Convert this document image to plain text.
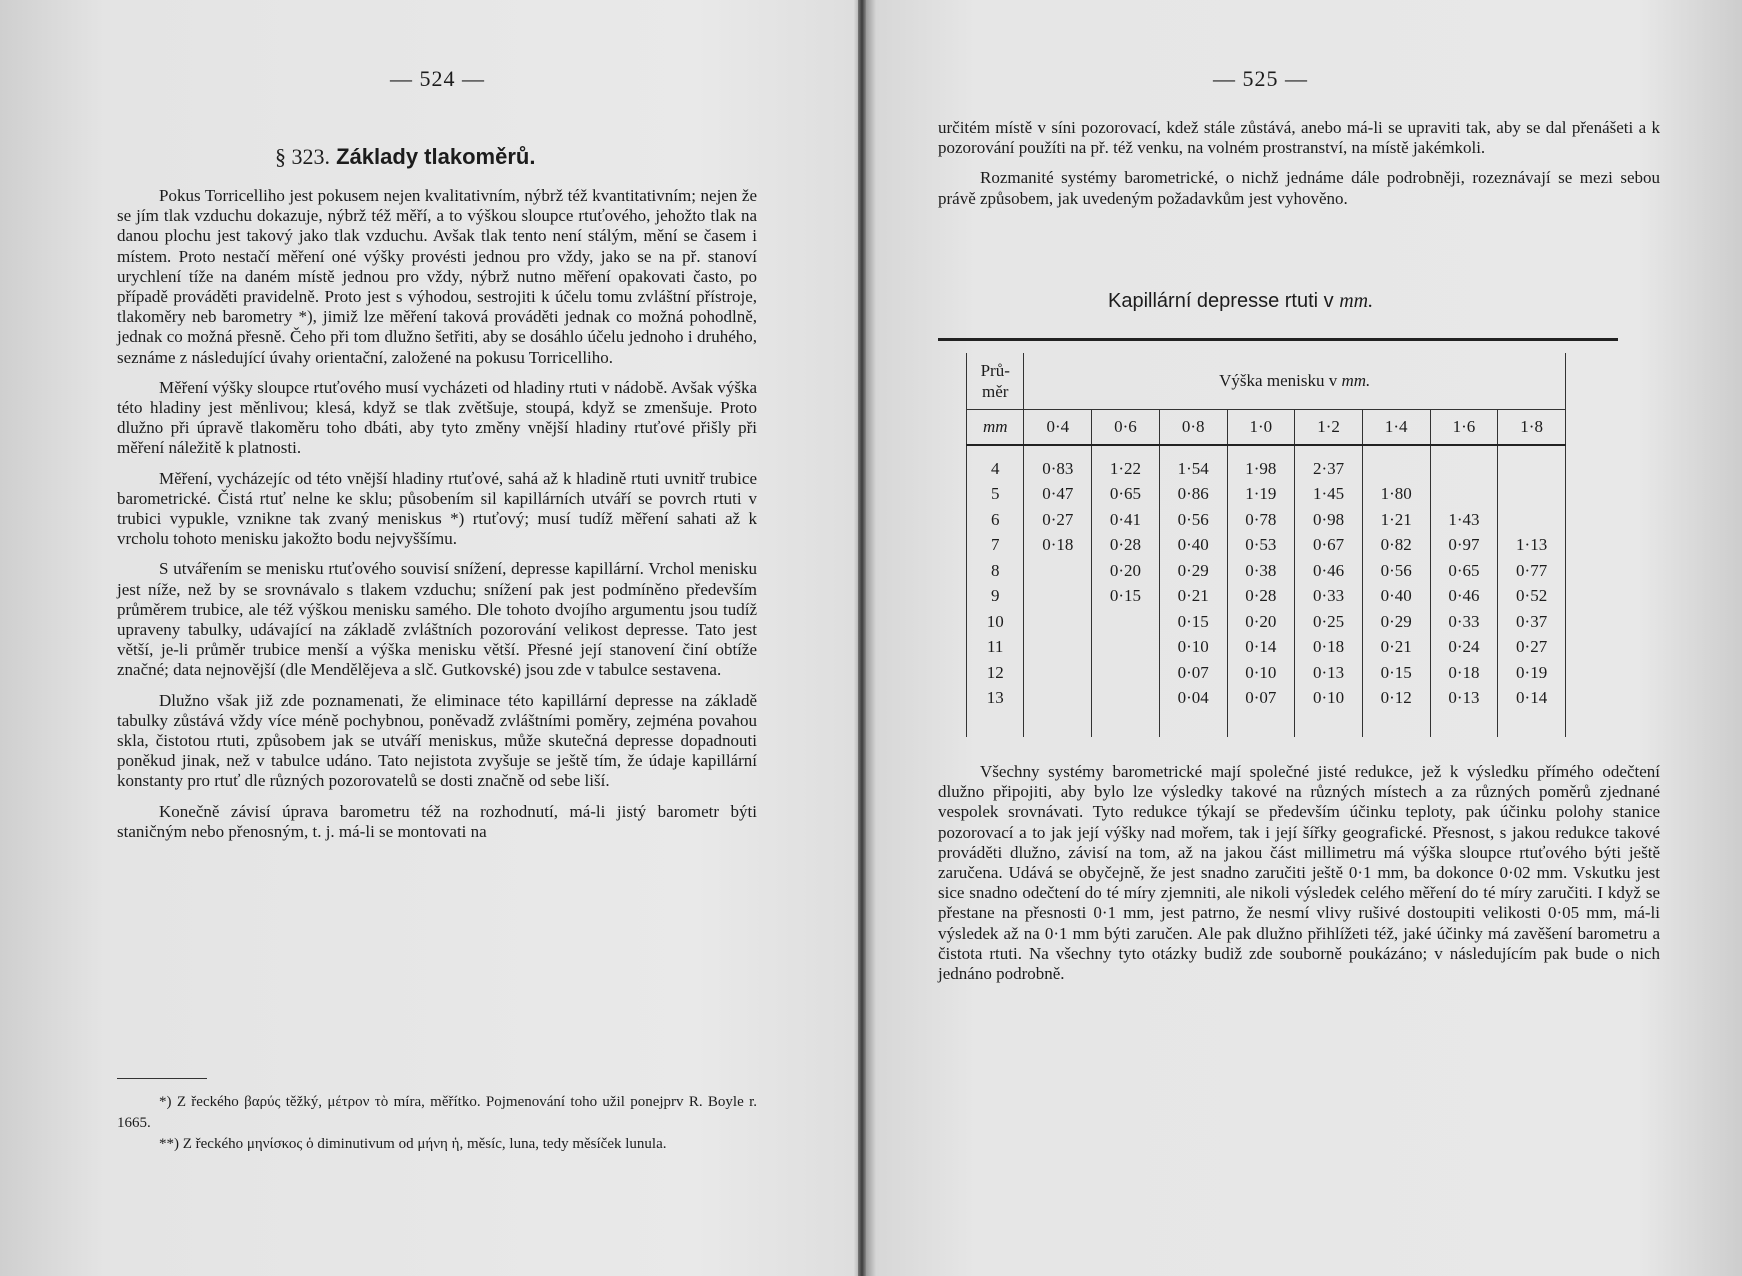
— 524 —
§ 323. Základy tlakoměrů.

Pokus Torricelliho jest pokusem nejen kvalitativním, nýbrž též kvantitativním; nejen že se jím tlak vzduchu dokazuje, nýbrž též měří, a to výškou sloupce rtuťového, jehožto tlak na danou plochu jest takový jako tlak vzduchu. Avšak tlak tento není stálým, mění se časem i místem. Proto nestačí měření oné výšky provésti jednou pro vždy, jako se na př. stanoví urychlení tíže na daném místě jednou pro vždy, nýbrž nutno měření opakovati často, po případě prováděti pravidelně. Proto jest s výhodou, sestrojiti k účelu tomu zvláštní přístroje, tlakoměry neb barometry *), jimiž lze měření taková prováděti jednak co možná pohodlně, jednak co možná přesně. Čeho při tom dlužno šetřiti, aby se dosáhlo účelu jednoho i druhého, seznáme z následující úvahy orientační, založené na pokusu Torricelliho.

Měření výšky sloupce rtuťového musí vycházeti od hladiny rtuti v nádobě. Avšak výška této hladiny jest měnlivou; klesá, když se tlak zvětšuje, stoupá, když se zmenšuje. Proto dlužno při úpravě tlakoměru toho dbáti, aby tyto změny vnější hladiny rtuťové přišly při měření náležitě k platnosti.

Měření, vycházejíc od této vnější hladiny rtuťové, sahá až k hladině rtuti uvnitř trubice barometrické. Čistá rtuť nelne ke sklu; působením sil kapillárních utváří se povrch rtuti v trubici vypukle, vznikne tak zvaný meniskus *) rtuťový; musí tudíž měření sahati až k vrcholu tohoto menisku jakožto bodu nejvyššímu.

S utvářením se menisku rtuťového souvisí snížení, depresse kapillární. Vrchol menisku jest níže, než by se srovnávalo s tlakem vzduchu; snížení pak jest podmíněno především průměrem trubice, ale též výškou menisku samého. Dle tohoto dvojího argumentu jsou tudíž upraveny tabulky, udávající na základě zvláštních pozorování velikost depresse. Tato jest větší, je-li průměr trubice menší a výška menisku větší. Přesné její stanovení činí obtíže značné; data nejnovější (dle Mendělějeva a slč. Gutkovské) jsou zde v tabulce sestavena.

Dlužno však již zde poznamenati, že eliminace této kapillární depresse na základě tabulky zůstává vždy více méně pochybnou, poněvadž zvláštními poměry, zejména povahou skla, čistotou rtuti, způsobem jak se utváří meniskus, může skutečná depresse dopadnouti poněkud jinak, než v tabulce udáno. Tato nejistota zvyšuje se ještě tím, že údaje kapillární konstanty pro rtuť dle různých pozorovatelů se dosti značně od sebe liší.

Konečně závisí úprava barometru též na rozhodnutí, má-li jistý barometr býti staničným nebo přenosným, t. j. má-li se montovati na

*) Z řeckého βαρύς těžký, μέτρον τὸ míra, měřítko. Pojmenování toho užil ponejprv R. Boyle r. 1665.

**) Z řeckého μηνίσκος ὁ diminutivum od μήνη ἡ, měsíc, luna, tedy měsíček lunula.

— 525 —

určitém místě v síni pozorovací, kdež stále zůstává, anebo má-li se upraviti tak, aby se dal přenášeti a k pozorování použíti na př. též venku, na volném prostranství, na místě jakémkoli.

Rozmanité systémy barometrické, o nichž jednáme dále podrobněji, rozeznávají se mezi sebou právě způsobem, jak uvedeným požadavkům jest vyhověno.

Kapillární depresse rtuti v mm.
Prů-
měr	Výška menisku v mm.							
mm	0·4	0·6	0·8	1·0	1·2	1·4	1·6	1·8

4	0·83	1·22	1·54	1·98	2·37			
5	0·47	0·65	0·86	1·19	1·45	1·80		
6	0·27	0·41	0·56	0·78	0·98	1·21	1·43	
7	0·18	0·28	0·40	0·53	0·67	0·82	0·97	1·13
8		0·20	0·29	0·38	0·46	0·56	0·65	0·77
9		0·15	0·21	0·28	0·33	0·40	0·46	0·52
10			0·15	0·20	0·25	0·29	0·33	0·37
11			0·10	0·14	0·18	0·21	0·24	0·27
12			0·07	0·10	0·13	0·15	0·18	0·19
13			0·04	0·07	0·10	0·12	0·13	0·14

Všechny systémy barometrické mají společné jisté redukce, jež k výsledku přímého odečtení dlužno připojiti, aby bylo lze výsledky takové na různých místech a za různých poměrů zjednané vespolek srovnávati. Tyto redukce týkají se především účinku teploty, pak účinku polohy stanice pozorovací a to jak její výšky nad mořem, tak i její šířky geografické. Přesnost, s jakou redukce takové prováděti dlužno, závisí na tom, až na jakou část millimetru má výška sloupce rtuťového býti ještě zaručena. Udává se obyčejně, že jest snadno zaručiti ještě 0·1 mm, ba dokonce 0·02 mm. Vskutku jest sice snadno odečtení do té míry zjemniti, ale nikoli výsledek celého měření do té míry zaručiti. I když se přestane na přesnosti 0·1 mm, jest patrno, že nesmí vlivy rušivé dostoupiti velikosti 0·05 mm, má-li výsledek až na 0·1 mm býti zaručen. Ale pak dlužno přihlížeti též, jaké účinky má zavěšení barometru a čistota rtuti. Na všechny tyto otázky budiž zde souborně poukázáno; v následujícím pak bude o nich jednáno podrobně.
